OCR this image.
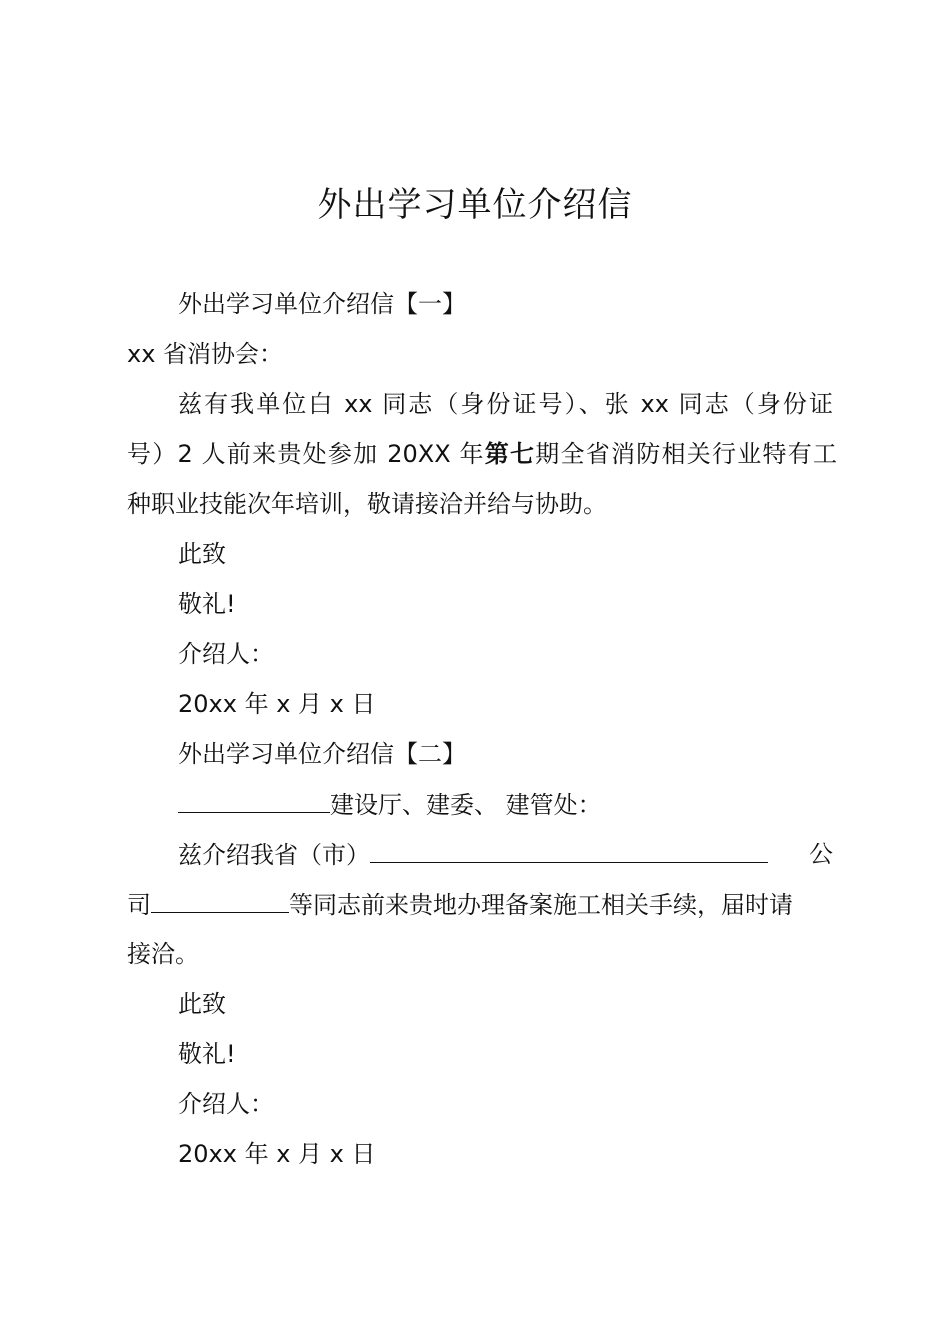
外出学习单位介绍信
外出学习单位介绍信【一】
xx 省消协会：
兹有我单位白 xx 同志（身份证号）、张 xx 同志（身份证
号）2 人前来贵处参加 20XX 年第七期全省消防相关行业特有工
种职业技能次年培训，敬请接洽并给与协助。
此致
敬礼!
介绍人：
20xx 年 x 月 x 日
外出学习单位介绍信【二】
建设厅、建委、 建管处：
兹介绍我省（市）	公
司	等同志前来贵地办理备案施工相关手续，届时请
接洽。
此致
敬礼!
介绍人：
20xx 年 x 月 x 日
